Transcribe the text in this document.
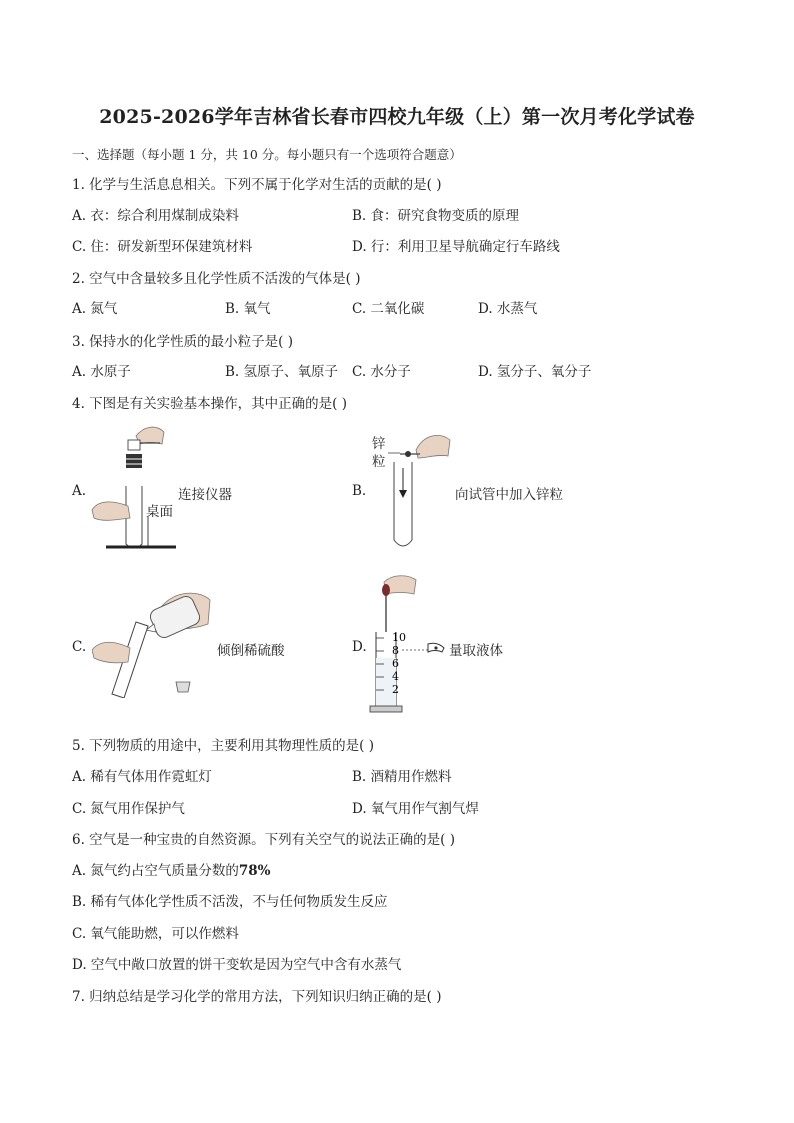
2025-2026学年吉林省长春市四校九年级（上）第一次月考化学试卷
一、选择题（每小题 1 分，共 10 分。每小题只有一个选项符合题意）
1. 化学与生活息息相关。下列不属于化学对生活的贡献的是( )
A. 衣：综合利用煤制成染料	B. 食：研究食物变质的原理
C. 住：研发新型环保建筑材料	D. 行：利用卫星导航确定行车路线
2. 空气中含量较多且化学性质不活泼的气体是( )
A. 氮气	B. 氧气	C. 二氧化碳	D. 水蒸气
3. 保持水的化学性质的最小粒子是( )
A. 水原子	B. 氢原子、氧原子 C. 水分子	D. 氢分子、氧分子
4. 下图是有关实验基本操作，其中正确的是( )
A.	连接仪器
桌面
B.
锌
粒
向试管中加入锌粒
C.	倾倒稀硫酸	D.
10
8
6
4
2
量取液体
5. 下列物质的用途中，主要利用其物理性质的是( )
A. 稀有气体用作霓虹灯	B. 酒精用作燃料
C. 氮气用作保护气	D. 氧气用作气割气焊
6. 空气是一种宝贵的自然资源。下列有关空气的说法正确的是( )
A. 氮气约占空气质量分数的78%
B. 稀有气体化学性质不活泼，不与任何物质发生反应
C. 氧气能助燃，可以作燃料
D. 空气中敞口放置的饼干变软是因为空气中含有水蒸气
7. 归纳总结是学习化学的常用方法，下列知识归纳正确的是( )
